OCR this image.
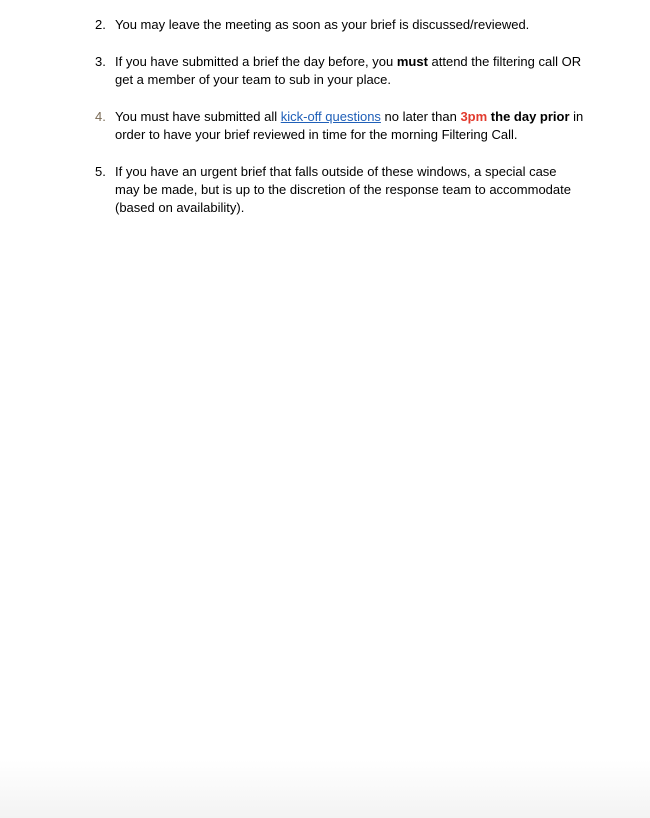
2. You may leave the meeting as soon as your brief is discussed/reviewed.
3. If you have submitted a brief the day before, you must attend the filtering call OR get a member of your team to sub in your place.
4. You must have submitted all kick-off questions no later than 3pm the day prior in order to have your brief reviewed in time for the morning Filtering Call.
5. If you have an urgent brief that falls outside of these windows, a special case may be made, but is up to the discretion of the response team to accommodate (based on availability).
